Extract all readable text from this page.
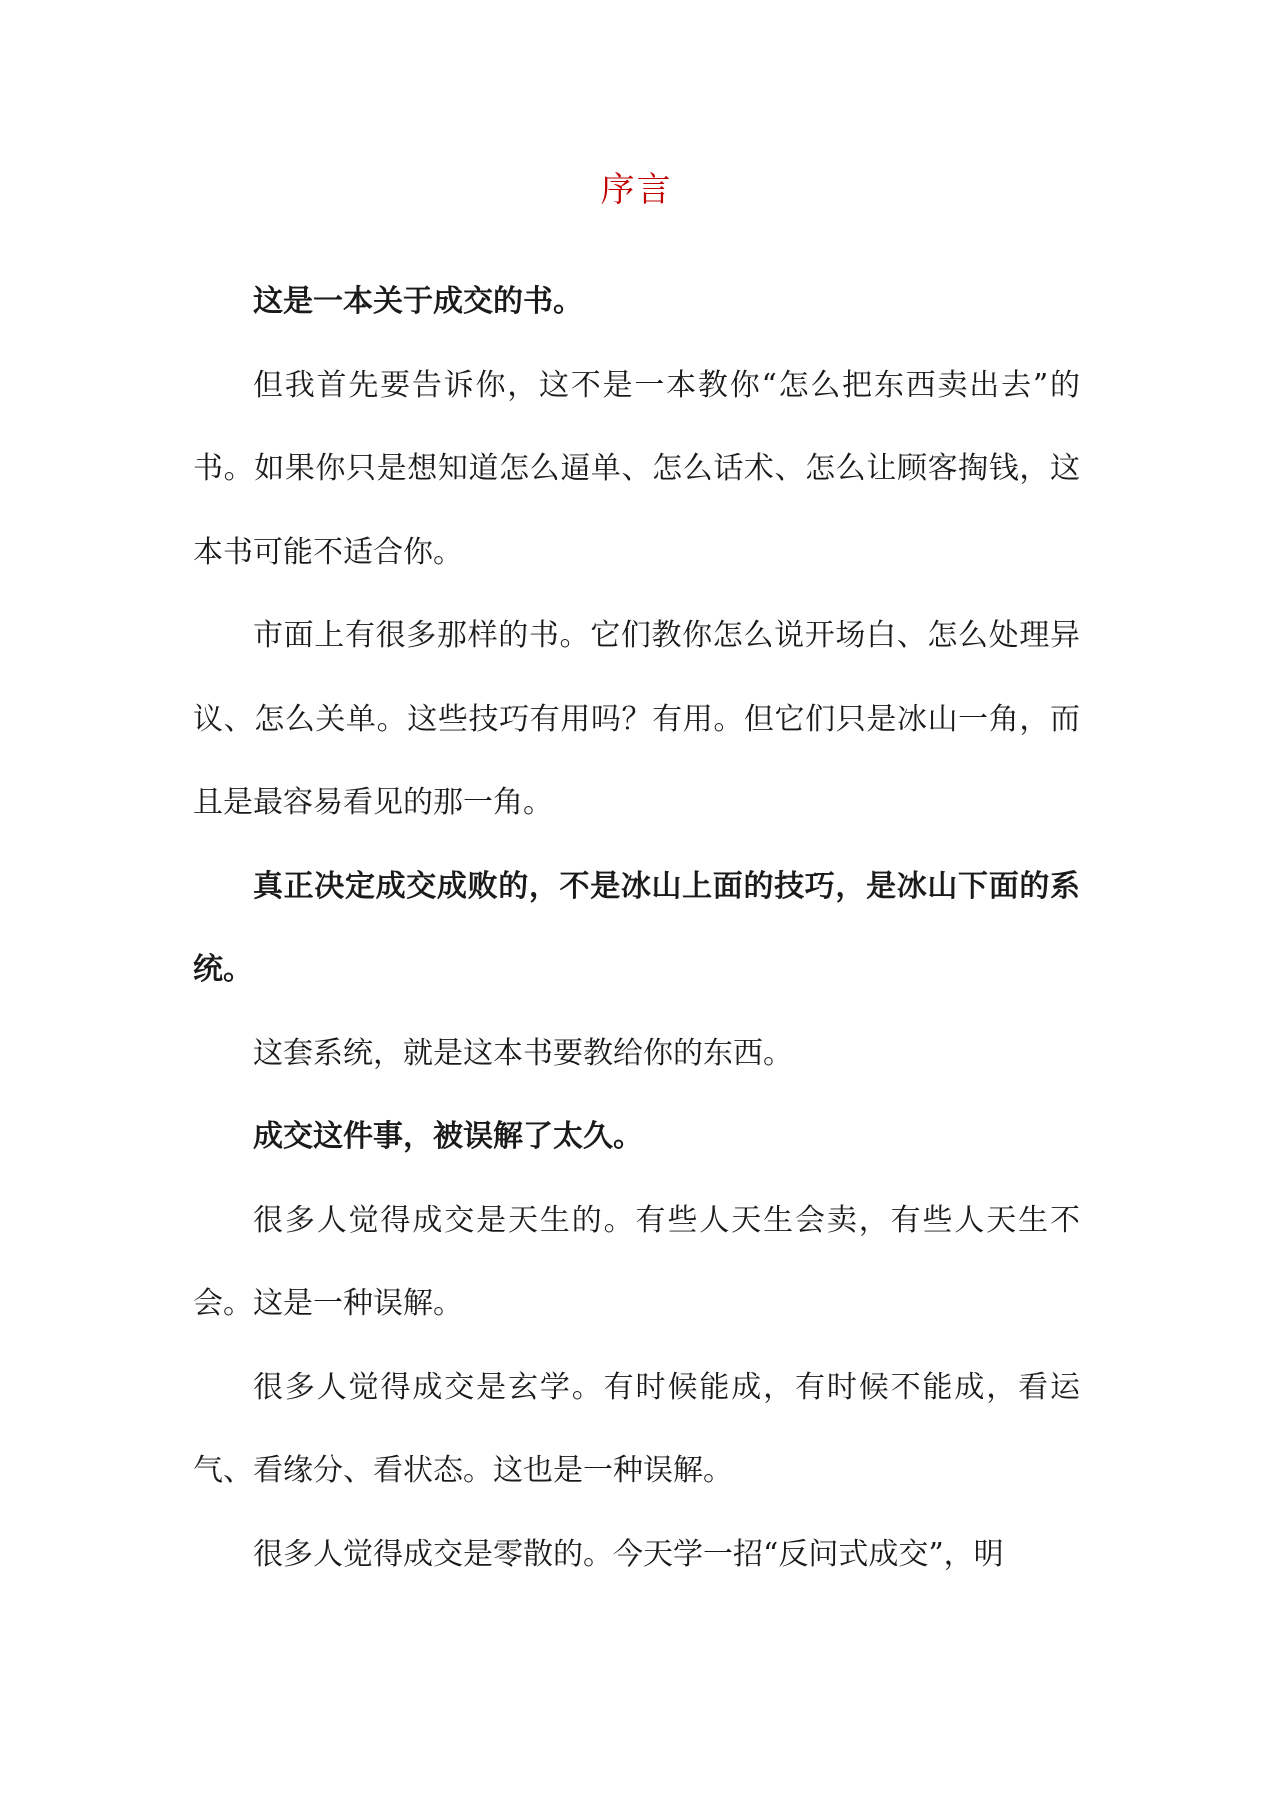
序言

这是一本关于成交的书。

但我首先要告诉你，这不是一本教你“怎么把东西卖出去”的书。如果你只是想知道怎么逼单、怎么话术、怎么让顾客掏钱，这本书可能不适合你。

市面上有很多那样的书。它们教你怎么说开场白、怎么处理异议、怎么关单。这些技巧有用吗？有用。但它们只是冰山一角，而且是最容易看见的那一角。

真正决定成交成败的，不是冰山上面的技巧，是冰山下面的系统。

这套系统，就是这本书要教给你的东西。

成交这件事，被误解了太久。

很多人觉得成交是天生的。有些人天生会卖，有些人天生不会。这是一种误解。

很多人觉得成交是玄学。有时候能成，有时候不能成，看运气、看缘分、看状态。这也是一种误解。

很多人觉得成交是零散的。今天学一招“反问式成交”，明
